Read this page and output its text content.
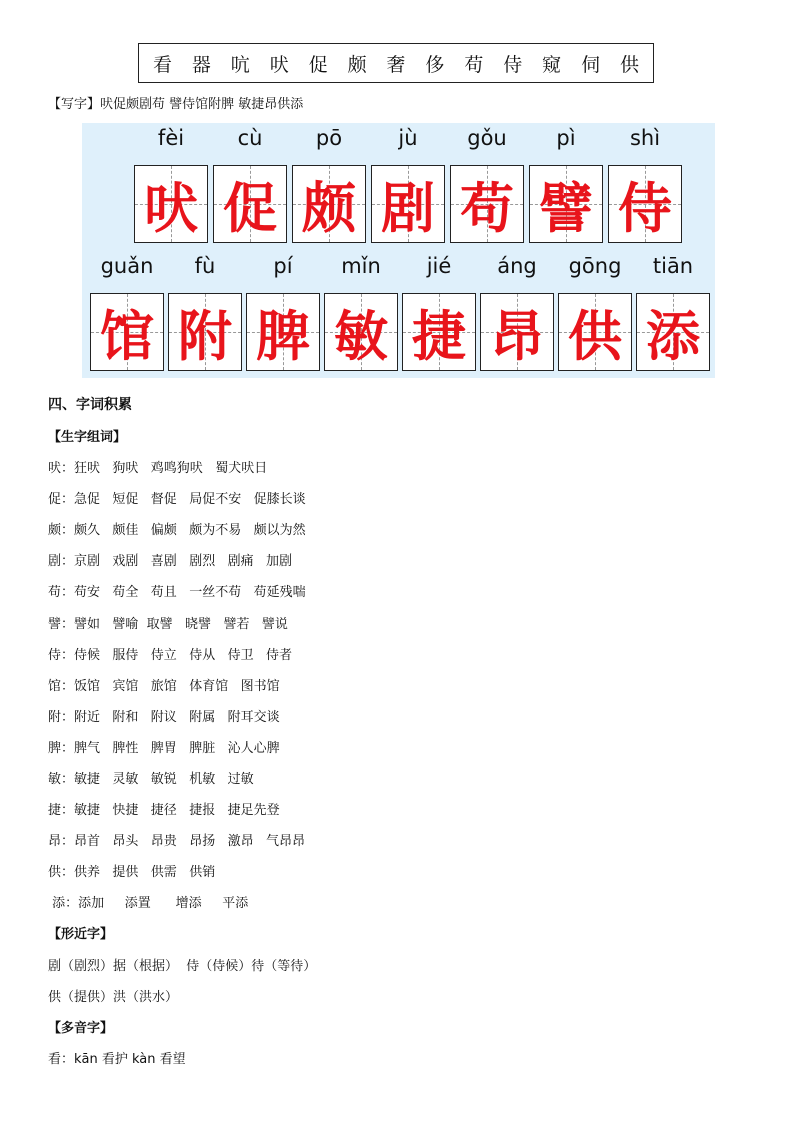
看 器 吭 吠 促 颇 奢 侈 苟 侍 窥 伺 供
【写字】吠促颇剧苟 譬侍馆附脾 敏捷昂供添
fèi
吠
cù
促
pō
颇
jù
剧
gǒu
苟
pì
譬
shì
侍
guǎn
馆
fù
附
pí
脾
mǐn
敏
jié
捷
áng
昂
gōng
供
tiān
添
四、字词积累
【生字组词】
吠：狂吠   狗吠   鸡鸣狗吠   蜀犬吠日
促：急促   短促   督促   局促不安   促膝长谈
颇：颇久   颇佳   偏颇   颇为不易   颇以为然
剧：京剧   戏剧   喜剧   剧烈   剧痛   加剧
苟：苟安   苟全   苟且   一丝不苟   苟延残喘
譬：譬如   譬喻  取譬   晓譬   譬若   譬说
侍：侍候   服侍   侍立   侍从   侍卫   侍者
馆：饭馆   宾馆   旅馆   体育馆   图书馆
附：附近   附和   附议   附属   附耳交谈
脾：脾气   脾性   脾胃   脾脏   沁人心脾
敏：敏捷   灵敏   敏锐   机敏   过敏
捷：敏捷   快捷   捷径   捷报   捷足先登
昂：昂首   昂头   昂贵   昂扬   激昂   气昂昂
供：供养   提供   供需   供销
添：添加     添置      增添     平添
【形近字】
剧（剧烈）据（根据）  侍（侍候）待（等待）
供（提供）洪（洪水）
【多音字】
看：kān 看护 kàn 看望
